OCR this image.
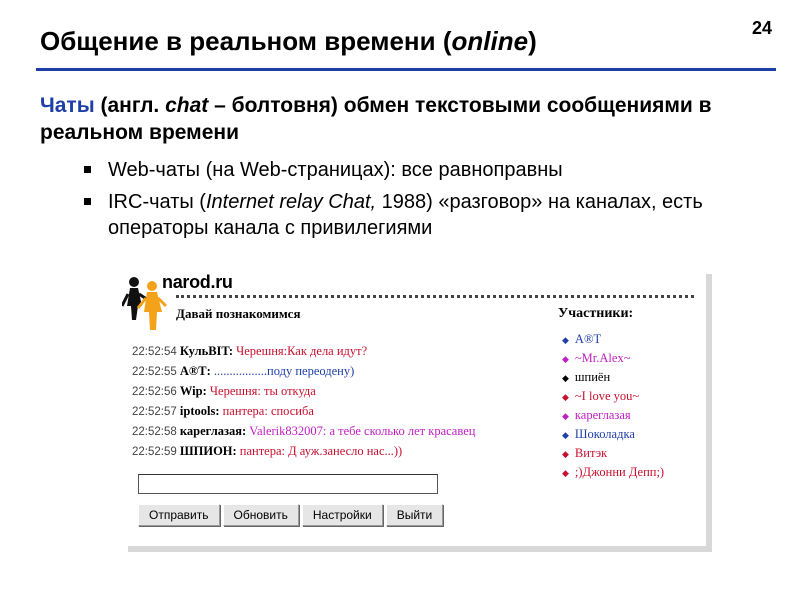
Общение в реальном времени (online)	24
Чаты (англ. chat – болтовня) обмен текстовыми сообщениями в реальном времени
Web-чаты (на Web-страницах): все равноправны
IRC-чаты (Internet relay Chat, 1988) «разговор» на каналах, есть операторы канала с привилегиями
narod.ru
Давай познакомимся	Участники:
22:52:54 КульBIT: Черешня:Как дела идут?
22:52:55 А®Т: .................поду переодену)
22:52:56 Wip: Черешня: ты откуда
22:52:57 iptools: пантера: спосиба
22:52:58 кареглазая: Valerik832007: а тебе сколько лет красавец
22:52:59 ШПИОН: пантера: Д ауж.занесло нас...))
◆ А®Т
◆ ~Mr.Alex~
◆ шпиён
◆ ~I love you~
◆ кареглазая
◆ Шоколадка
◆ Витэк
◆ ;)Джонни Депп;)
Отправить Обновить Настройки Выйти
